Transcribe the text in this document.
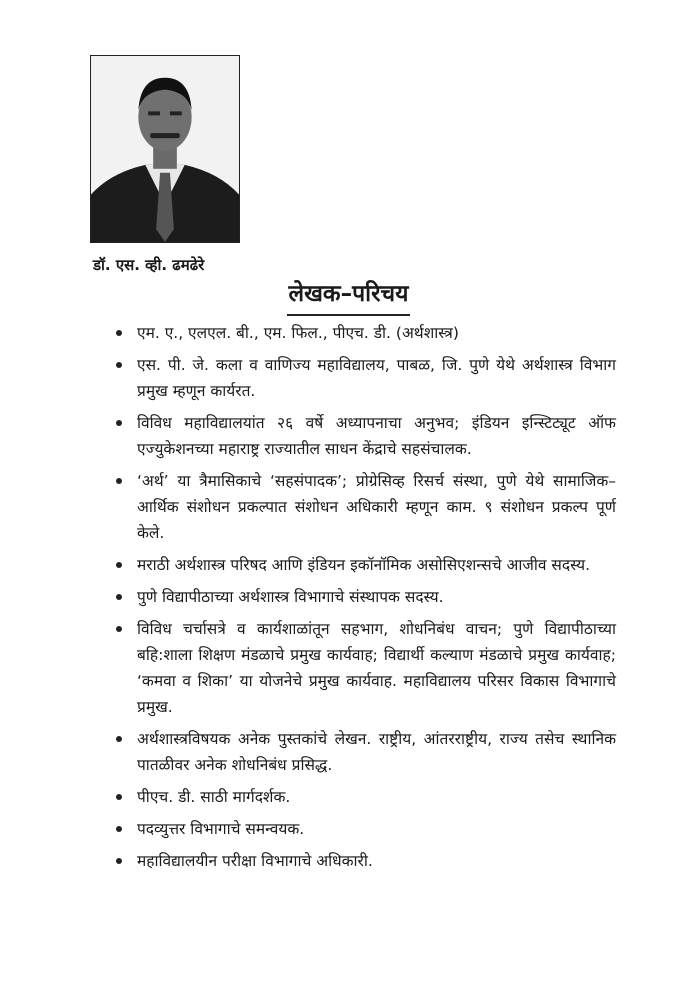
डॉ. एस. व्ही. ढमढेरे
लेखक–परिचय
एम. ए., एलएल. बी., एम. फिल., पीएच. डी. (अर्थशास्त्र)
एस. पी. जे. कला व वाणिज्य महाविद्यालय, पाबळ, जि. पुणे येथे अर्थशास्त्र विभाग प्रमुख म्हणून कार्यरत.
विविध महाविद्यालयांत २६ वर्षे अध्यापनाचा अनुभव; इंडियन इन्स्टिट्यूट ऑफ एज्युकेशनच्या महाराष्ट्र राज्यातील साधन केंद्राचे सहसंचालक.
‘अर्थ’ या त्रैमासिकाचे ‘सहसंपादक’; प्रोग्रेसिव्ह रिसर्च संस्था, पुणे येथे सामाजिक–आर्थिक संशोधन प्रकल्पात संशोधन अधिकारी म्हणून काम. ९ संशोधन प्रकल्प पूर्ण केले.
मराठी अर्थशास्त्र परिषद आणि इंडियन इकॉनॉमिक असोसिएशन्सचे आजीव सदस्य.
पुणे विद्यापीठाच्या अर्थशास्त्र विभागाचे संस्थापक सदस्य.
विविध चर्चासत्रे व कार्यशाळांतून सहभाग, शोधनिबंध वाचन; पुणे विद्यापीठाच्या बहि:शाला शिक्षण मंडळाचे प्रमुख कार्यवाह; विद्यार्थी कल्याण मंडळाचे प्रमुख कार्यवाह; ‘कमवा व शिका’ या योजनेचे प्रमुख कार्यवाह. महाविद्यालय परिसर विकास विभागाचे प्रमुख.
अर्थशास्त्रविषयक अनेक पुस्तकांचे लेखन. राष्ट्रीय, आंतरराष्ट्रीय, राज्य तसेच स्थानिक पातळीवर अनेक शोधनिबंध प्रसिद्ध.
पीएच. डी. साठी मार्गदर्शक.
पदव्युत्तर विभागाचे समन्वयक.
महाविद्यालयीन परीक्षा विभागाचे अधिकारी.
